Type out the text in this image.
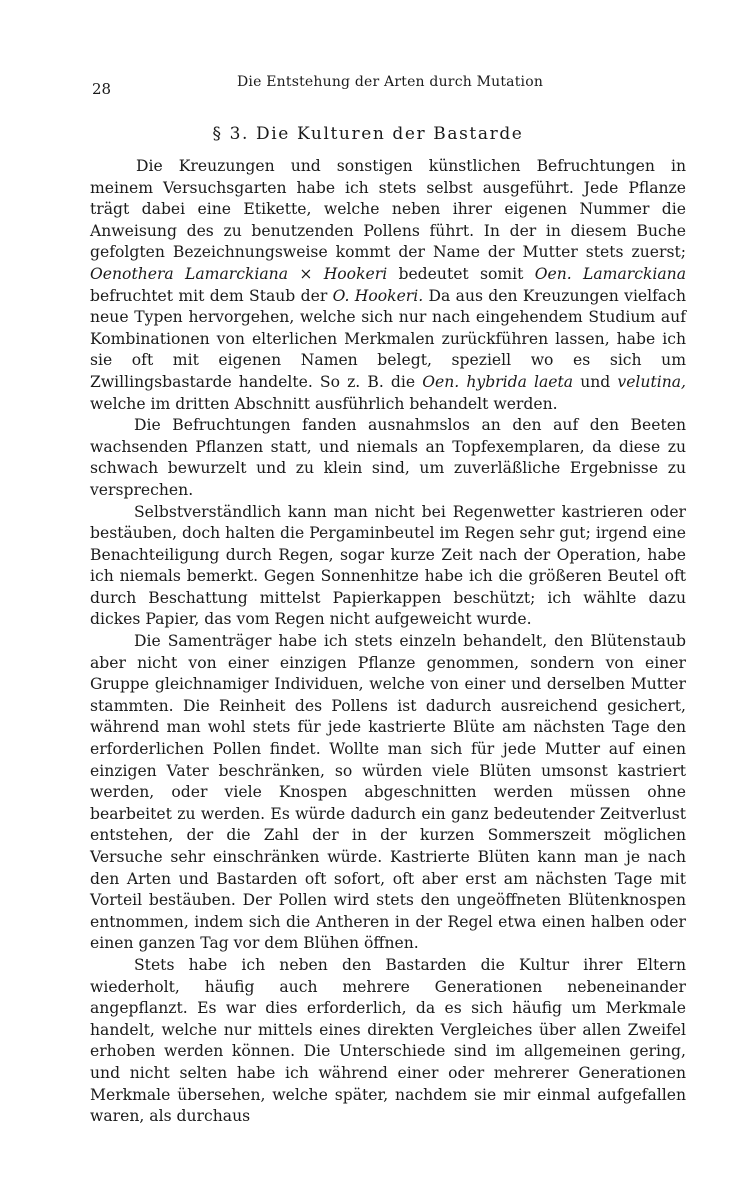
28	Die Entstehung der Arten durch Mutation
§ 3. Die Kulturen der Bastarde

Die Kreuzungen und sonstigen künstlichen Befruchtungen in meinem Versuchsgarten habe ich stets selbst ausgeführt. Jede Pflanze trägt dabei eine Etikette, welche neben ihrer eigenen Nummer die Anweisung des zu benutzenden Pollens führt. In der in diesem Buche gefolgten Bezeichnungsweise kommt der Name der Mutter stets zuerst; Oenothera Lamarckiana × Hookeri bedeutet somit Oen. Lamarckiana befruchtet mit dem Staub der O. Hookeri. Da aus den Kreuzungen vielfach neue Typen hervorgehen, welche sich nur nach eingehendem Studium auf Kombinationen von elterlichen Merkmalen zurückführen lassen, habe ich sie oft mit eigenen Namen belegt, speziell wo es sich um Zwillingsbastarde handelte. So z. B. die Oen. hybrida laeta und velutina, welche im dritten Abschnitt ausführlich behandelt werden.

Die Befruchtungen fanden ausnahmslos an den auf den Beeten wachsenden Pflanzen statt, und niemals an Topfexemplaren, da diese zu schwach bewurzelt und zu klein sind, um zuverläßliche Ergebnisse zu versprechen.

Selbstverständlich kann man nicht bei Regenwetter kastrieren oder bestäuben, doch halten die Pergaminbeutel im Regen sehr gut; irgend eine Benachteiligung durch Regen, sogar kurze Zeit nach der Operation, habe ich niemals bemerkt. Gegen Sonnenhitze habe ich die größeren Beutel oft durch Beschattung mittelst Papierkappen beschützt; ich wählte dazu dickes Papier, das vom Regen nicht aufgeweicht wurde.

Die Samenträger habe ich stets einzeln behandelt, den Blütenstaub aber nicht von einer einzigen Pflanze genommen, sondern von einer Gruppe gleichnamiger Individuen, welche von einer und derselben Mutter stammten. Die Reinheit des Pollens ist dadurch ausreichend gesichert, während man wohl stets für jede kastrierte Blüte am nächsten Tage den erforderlichen Pollen findet. Wollte man sich für jede Mutter auf einen einzigen Vater beschränken, so würden viele Blüten umsonst kastriert werden, oder viele Knospen abgeschnitten werden müssen ohne bearbeitet zu werden. Es würde dadurch ein ganz bedeutender Zeitverlust entstehen, der die Zahl der in der kurzen Sommerszeit möglichen Versuche sehr einschränken würde. Kastrierte Blüten kann man je nach den Arten und Bastarden oft sofort, oft aber erst am nächsten Tage mit Vorteil bestäuben. Der Pollen wird stets den ungeöffneten Blütenknospen entnommen, indem sich die Antheren in der Regel etwa einen halben oder einen ganzen Tag vor dem Blühen öffnen.

Stets habe ich neben den Bastarden die Kultur ihrer Eltern wiederholt, häufig auch mehrere Generationen nebeneinander angepflanzt. Es war dies erforderlich, da es sich häufig um Merkmale handelt, welche nur mittels eines direkten Vergleiches über allen Zweifel erhoben werden können. Die Unterschiede sind im allgemeinen gering, und nicht selten habe ich während einer oder mehrerer Generationen Merkmale übersehen, welche später, nachdem sie mir einmal aufgefallen waren, als durchaus
